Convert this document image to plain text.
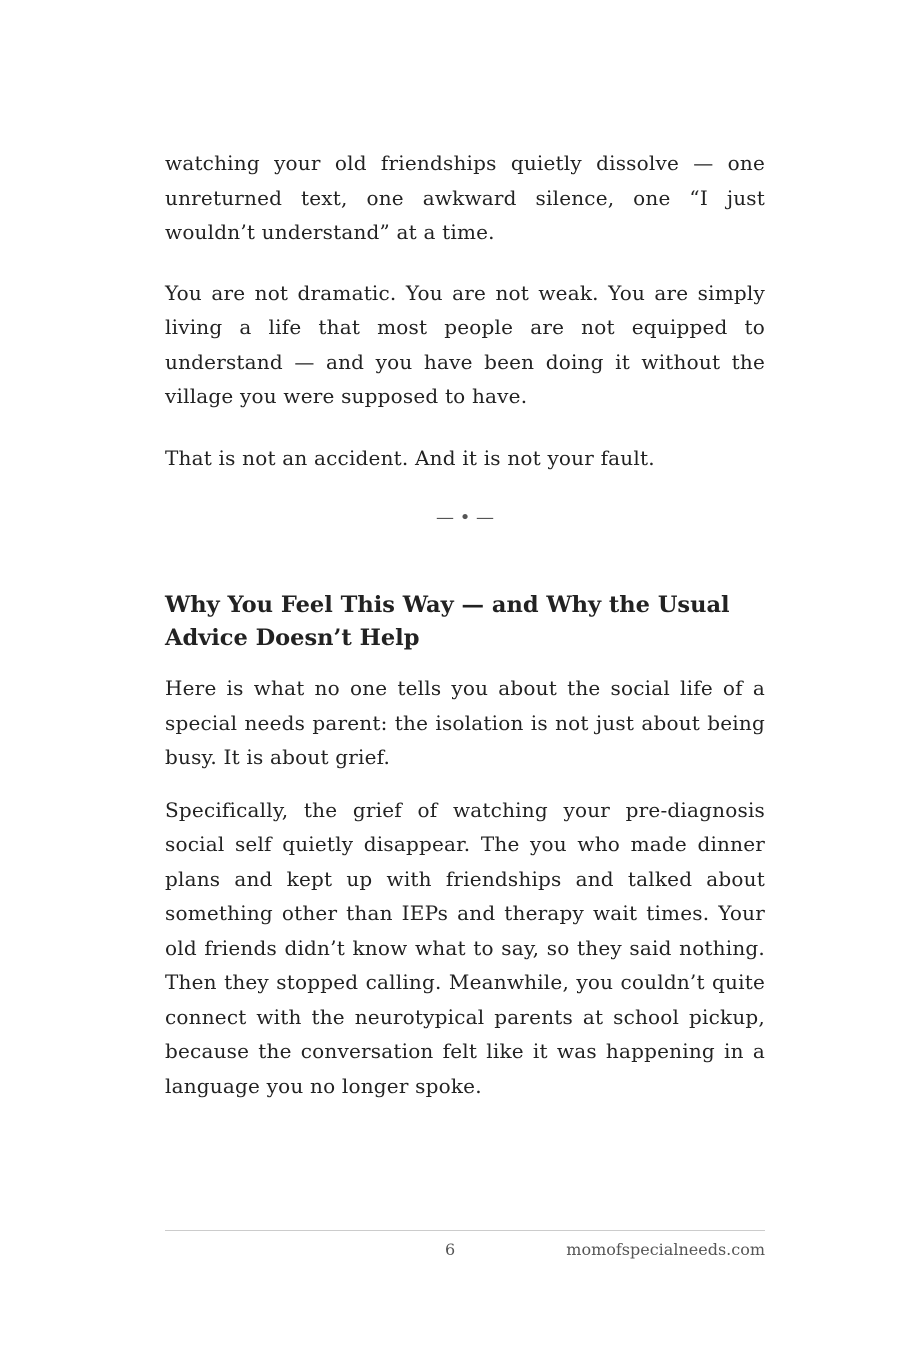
watching your old friendships quietly dissolve — one unreturned text, one awkward silence, one “I just wouldn’t understand” at a time.

You are not dramatic. You are not weak. You are simply living a life that most people are not equipped to understand — and you have been doing it without the village you were supposed to have.

That is not an accident. And it is not your fault.

— • —
Why You Feel This Way — and Why the Usual Advice Doesn’t Help

Here is what no one tells you about the social life of a special needs parent: the isolation is not just about being busy. It is about grief.

Specifically, the grief of watching your pre-diagnosis social self quietly disappear. The you who made dinner plans and kept up with friendships and talked about something other than IEPs and therapy wait times. Your old friends didn’t know what to say, so they said nothing. Then they stopped calling. Meanwhile, you couldn’t quite connect with the neurotypical parents at school pickup, because the conversation felt like it was happening in a language you no longer spoke.

6	momofspecialneeds.com
